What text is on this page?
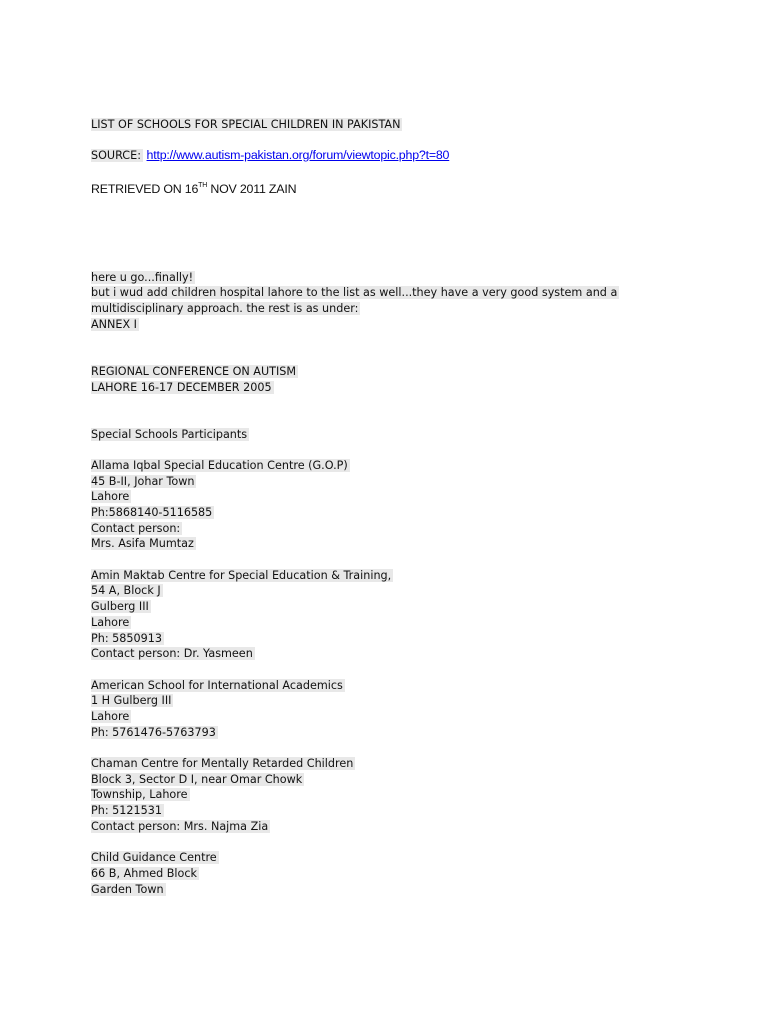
LIST OF SCHOOLS FOR SPECIAL CHILDREN IN PAKISTAN
SOURCE: http://www.autism-pakistan.org/forum/viewtopic.php?t=80
RETRIEVED ON 16TH NOV 2011 ZAIN
here u go...finally!
but i wud add children hospital lahore to the list as well...they have a very good system and a
multidisciplinary approach. the rest is as under:
ANNEX I
REGIONAL CONFERENCE ON AUTISM
LAHORE 16-17 DECEMBER 2005
Special Schools Participants
Allama Iqbal Special Education Centre (G.O.P)
45 B-II, Johar Town
Lahore
Ph:5868140-5116585
Contact person:
Mrs. Asifa Mumtaz
Amin Maktab Centre for Special Education & Training,
54 A, Block J
Gulberg III
Lahore
Ph: 5850913
Contact person: Dr. Yasmeen
American School for International Academics
1 H Gulberg III
Lahore
Ph: 5761476-5763793
Chaman Centre for Mentally Retarded Children
Block 3, Sector D I, near Omar Chowk
Township, Lahore
Ph: 5121531
Contact person: Mrs. Najma Zia
Child Guidance Centre
66 B, Ahmed Block
Garden Town
